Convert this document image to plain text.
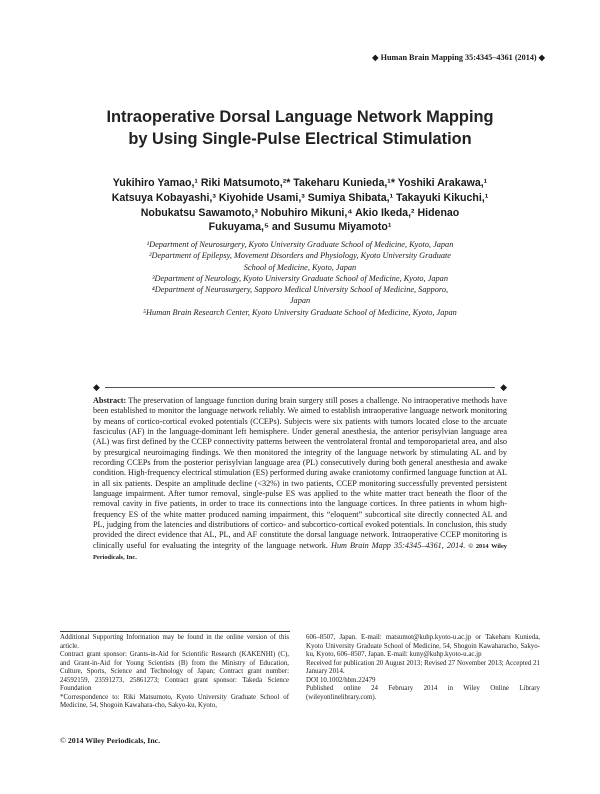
◆ Human Brain Mapping 35:4345–4361 (2014) ◆
Intraoperative Dorsal Language Network Mapping
by Using Single-Pulse Electrical Stimulation
Yukihiro Yamao,¹ Riki Matsumoto,²* Takeharu Kunieda,¹* Yoshiki Arakawa,¹
Katsuya Kobayashi,³ Kiyohide Usami,³ Sumiya Shibata,¹ Takayuki Kikuchi,¹
Nobukatsu Sawamoto,³ Nobuhiro Mikuni,⁴ Akio Ikeda,² Hidenao
Fukuyama,⁵ and Susumu Miyamoto¹
¹Department of Neurosurgery, Kyoto University Graduate School of Medicine, Kyoto, Japan
²Department of Epilepsy, Movement Disorders and Physiology, Kyoto University Graduate
School of Medicine, Kyoto, Japan
³Department of Neurology, Kyoto University Graduate School of Medicine, Kyoto, Japan
⁴Department of Neurosurgery, Sapporo Medical University School of Medicine, Sapporo,
Japan
⁵Human Brain Research Center, Kyoto University Graduate School of Medicine, Kyoto, Japan
◆	◆
Abstract: The preservation of language function during brain surgery still poses a challenge. No intraoperative methods have been established to monitor the language network reliably. We aimed to establish intraoperative language network monitoring by means of cortico-cortical evoked potentials (CCEPs). Subjects were six patients with tumors located close to the arcuate fasciculus (AF) in the language-dominant left hemisphere. Under general anesthesia, the anterior perisylvian language area (AL) was first defined by the CCEP connectivity patterns between the ventrolateral frontal and temporoparietal area, and also by presurgical neuroimaging findings. We then monitored the integrity of the language network by stimulating AL and by recording CCEPs from the posterior perisylvian language area (PL) consecutively during both general anesthesia and awake condition. High-frequency electrical stimulation (ES) performed during awake craniotomy confirmed language function at AL in all six patients. Despite an amplitude decline (<32%) in two patients, CCEP monitoring successfully prevented persistent language impairment. After tumor removal, single-pulse ES was applied to the white matter tract beneath the floor of the removal cavity in five patients, in order to trace its connections into the language cortices. In three patients in whom high-frequency ES of the white matter produced naming impairment, this “eloquent” subcortical site directly connected AL and PL, judging from the latencies and distributions of cortico- and subcortico-cortical evoked potentials. In conclusion, this study provided the direct evidence that AL, PL, and AF constitute the dorsal language network. Intraoperative CCEP monitoring is clinically useful for evaluating the integrity of the language network. Hum Brain Mapp 35:4345–4361, 2014. © 2014 Wiley Periodicals, Inc.

Additional Supporting Information may be found in the online version of this article.

Contract grant sponsor: Grants-in-Aid for Scientific Research (KAKENHI) (C), and Grant-in-Aid for Young Scientists (B) from the Ministry of Education, Culture, Sports, Science and Technology of Japan; Contract grant number: 24592159, 23591273, 25861273; Contract grant sponsor: Takeda Science Foundation

*Correspondence to: Riki Matsumoto, Kyoto University Graduate School of Medicine, 54, Shogoin Kawahara-cho, Sakyo-ku, Kyoto,

606–8507, Japan. E-mail: matsumot@kuhp.kyoto-u.ac.jp or Takeharu Kunieda, Kyoto University Graduate School of Medicine, 54, Shogoin Kawaharacho, Sakyo-ku, Kyoto, 606–8507, Japan. E-mail: kuny@kuhp.kyoto-u.ac.jp

Received for publication 20 August 2013; Revised 27 November 2013; Accepted 21 January 2014.

DOI 10.1002/hbm.22479

Published online 24 February 2014 in Wiley Online Library (wileyonlinelibrary.com).

© 2014 Wiley Periodicals, Inc.
